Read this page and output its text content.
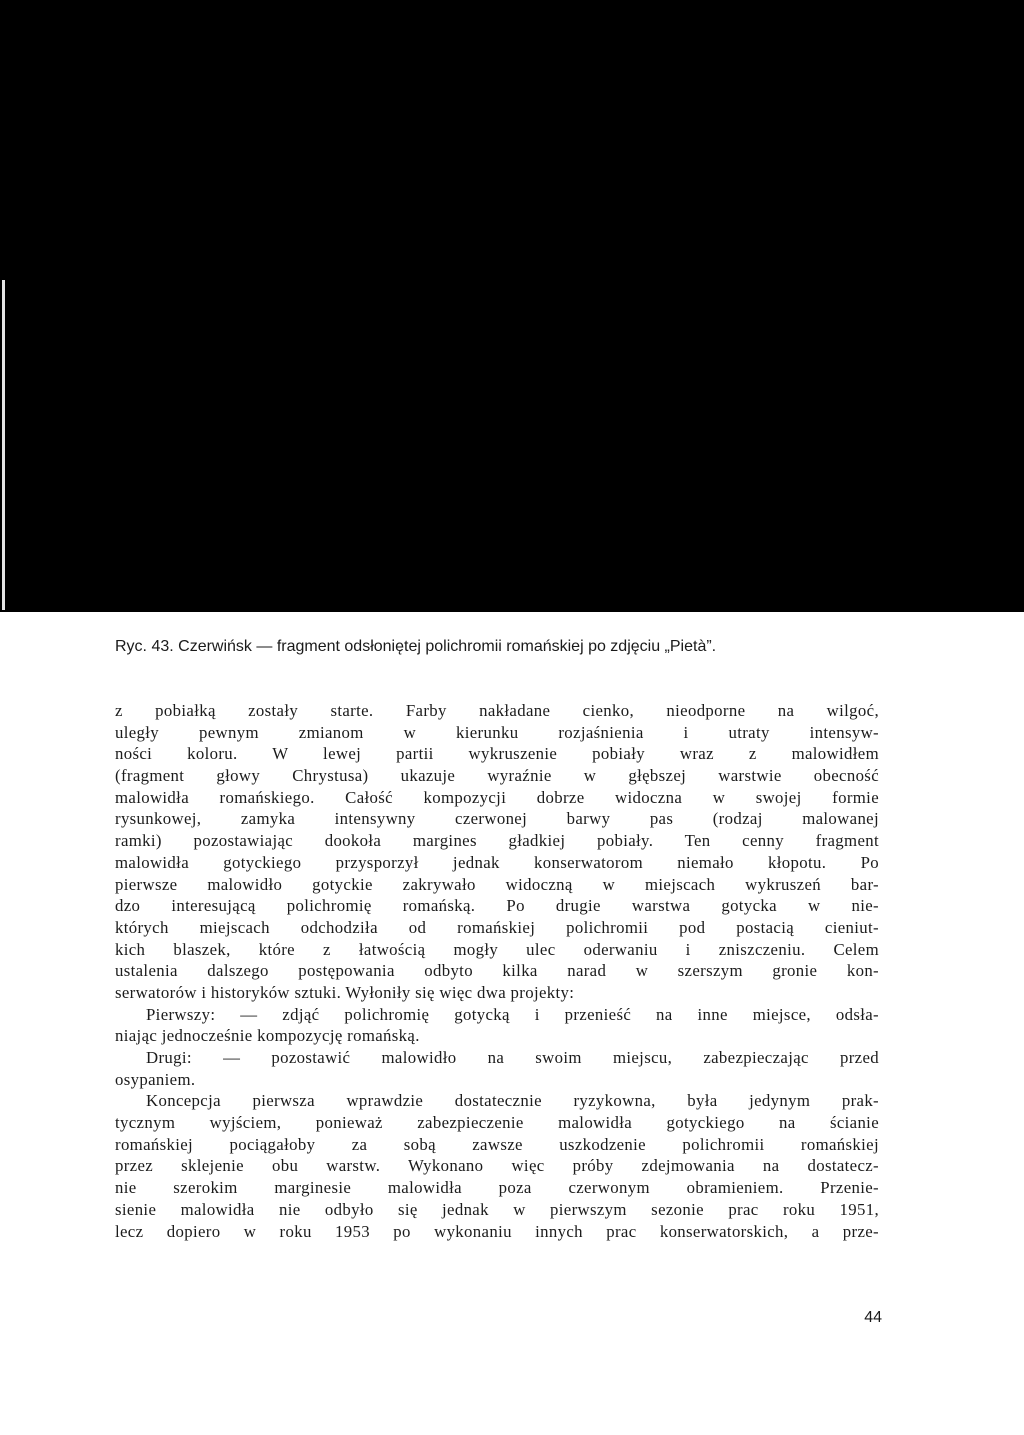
Ryc. 43. Czerwińsk — fragment odsłoniętej polichromii romańskiej po zdjęciu „Pietà”.

z pobiałką zostały starte. Farby nakładane cienko, nieodporne na wilgoć,
uległy pewnym zmianom w kierunku rozjaśnienia i utraty intensyw-
ności koloru. W lewej partii wykruszenie pobiały wraz z malowidłem
(fragment głowy Chrystusa) ukazuje wyraźnie w głębszej warstwie obecność
malowidła romańskiego. Całość kompozycji dobrze widoczna w swojej formie
rysunkowej, zamyka intensywny czerwonej barwy pas (rodzaj malowanej
ramki) pozostawiając dookoła margines gładkiej pobiały. Ten cenny fragment
malowidła gotyckiego przysporzył jednak konserwatorom niemało kłopotu. Po
pierwsze malowidło gotyckie zakrywało widoczną w miejscach wykruszeń bar-
dzo interesującą polichromię romańską. Po drugie warstwa gotycka w nie-
których miejscach odchodziła od romańskiej polichromii pod postacią cieniut-
kich blaszek, które z łatwością mogły ulec oderwaniu i zniszczeniu. Celem
ustalenia dalszego postępowania odbyto kilka narad w szerszym gronie kon-
serwatorów i historyków sztuki. Wyłoniły się więc dwa projekty:
Pierwszy: — zdjąć polichromię gotycką i przenieść na inne miejsce, odsła-
niając jednocześnie kompozycję romańską.
Drugi: — pozostawić malowidło na swoim miejscu, zabezpieczając przed
osypaniem.
Koncepcja pierwsza wprawdzie dostatecznie ryzykowna, była jedynym prak-
tycznym wyjściem, ponieważ zabezpieczenie malowidła gotyckiego na ścianie
romańskiej pociągałoby za sobą zawsze uszkodzenie polichromii romańskiej
przez sklejenie obu warstw. Wykonano więc próby zdejmowania na dostatecz-
nie szerokim marginesie malowidła poza czerwonym obramieniem. Przenie-
sienie malowidła nie odbyło się jednak w pierwszym sezonie prac roku 1951,
lecz dopiero w roku 1953 po wykonaniu innych prac konserwatorskich, a prze-

44
